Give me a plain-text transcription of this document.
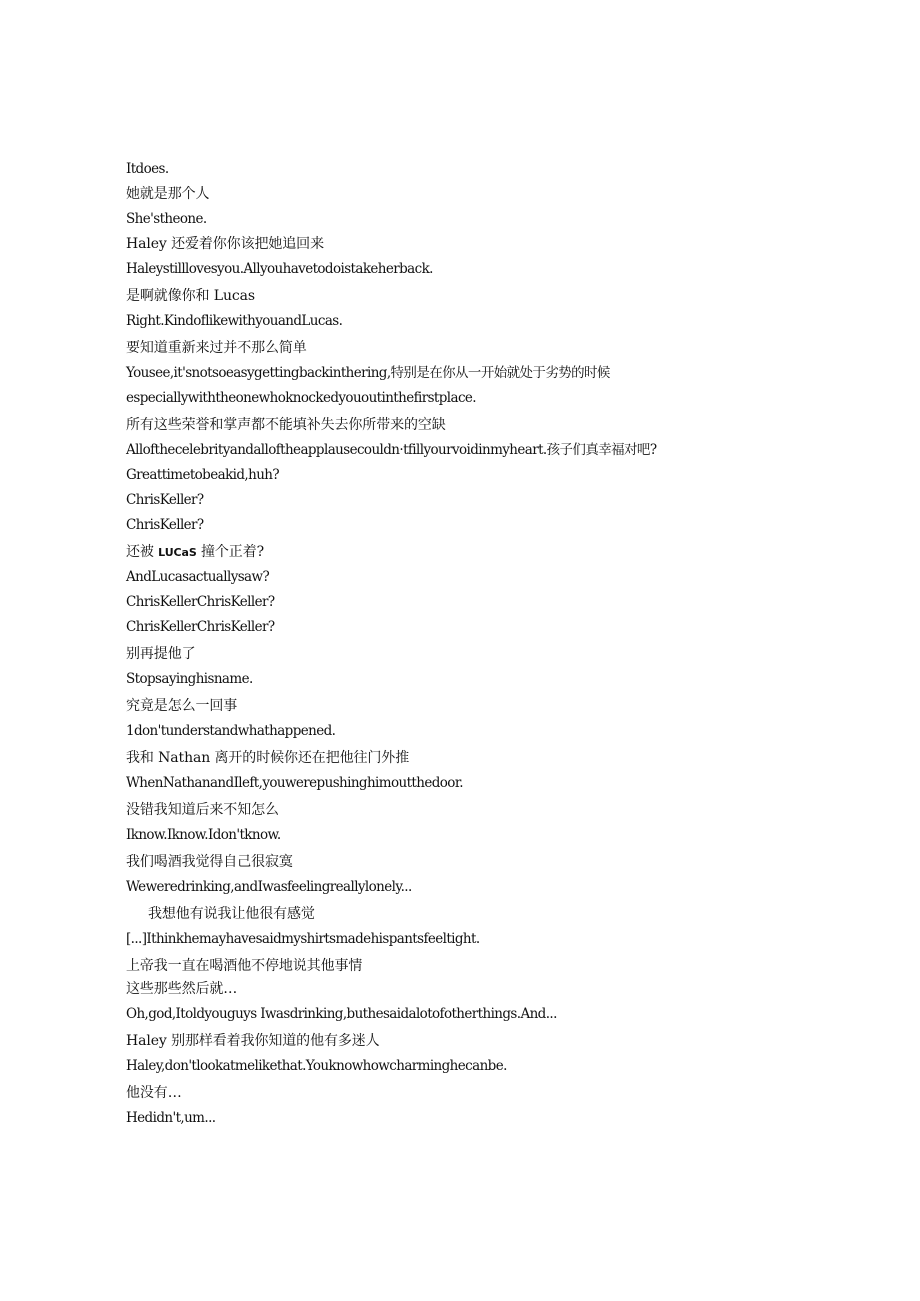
Itdoes.

她就是那个人

She'stheone.

Haley 还爱着你你该把她追回来

Haleystilllovesyou.Allyouhavetodoistakeherback.

是啊就像你和 Lucas

Right.KindoflikewithyouandLucas.

要知道重新来过并不那么简单

Yousee,it'snotsoeasygettingbackinthering,特别是在你从一开始就处于劣势的时候

especiallywiththeonewhoknockedyououtinthefirstplace.

所有这些荣誉和掌声都不能填补失去你所带来的空缺

Allofthecelebrityandalloftheapplausecouldn·tfillyourvoidinmyheart.孩子们真幸福对吧?

Greattimetobeakid,huh?

ChrisKeller?

ChrisKeller?

还被 LUCaS 撞个正着?

AndLucasactuallysaw?

ChrisKellerChrisKeller?

ChrisKellerChrisKeller?

别再提他了

Stopsayinghisname.

究竟是怎么一回事

1don'tunderstandwhathappened.

我和 Nathan 离开的时候你还在把他往门外推

WhenNathanandIleft,youwerepushinghimoutthedoor.

没错我知道后来不知怎么

Iknow.Iknow.Idon'tknow.

我们喝酒我觉得自己很寂寞

Weweredrinking,andIwasfeelingreallylonely...

我想他有说我让他很有感觉

[...]Ithinkhemayhavesaidmyshirtsmadehispantsfeeltight.

上帝我一直在喝酒他不停地说其他事情

这些那些然后就…

Oh,god,Itoldyouguys Iwasdrinking,buthesaidalotofotherthings.And...

Haley 别那样看着我你知道的他有多迷人

Haley,don'tlookatmelikethat.Youknowhowcharminghecanbe.

他没有…

Hedidn't,um...
